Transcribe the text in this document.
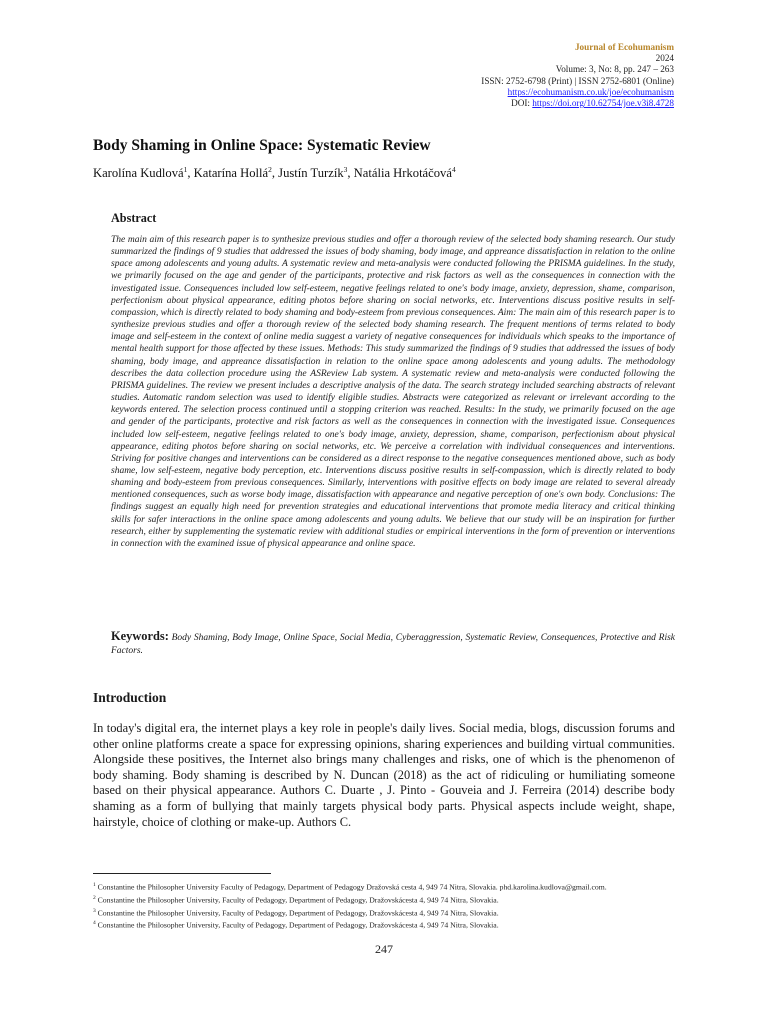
Journal of Ecohumanism
2024
Volume: 3, No: 8, pp. 247 – 263
ISSN: 2752-6798 (Print) | ISSN 2752-6801 (Online)
https://ecohumanism.co.uk/joe/ecohumanism
DOI: https://doi.org/10.62754/joe.v3i8.4728
Body Shaming in Online Space: Systematic Review
Karolína Kudlová$^1$, Katarína Hollá$^2$, Justín Turzík$^3$, Natália Hrkotáčová$^4$
Abstract
The main aim of this research paper is to synthesize previous studies and offer a thorough review of the selected body shaming research. Our study summarized the findings of 9 studies that addressed the issues of body shaming, body image, and appreance dissatisfaction in relation to the online space among adolescents and young adults. A systematic review and meta-analysis were conducted following the PRISMA guidelines. In the study, we primarily focused on the age and gender of the participants, protective and risk factors as well as the consequences in connection with the investigated issue. Consequences included low self-esteem, negative feelings related to one's body image, anxiety, depression, shame, comparison, perfectionism about physical appearance, editing photos before sharing on social networks, etc. Interventions discuss positive results in self-compassion, which is directly related to body shaming and body-esteem from previous consequences. Aim: The main aim of this research paper is to synthesize previous studies and offer a thorough review of the selected body shaming research. The frequent mentions of terms related to body image and self-esteem in the context of online media suggest a variety of negative consequences for individuals which speaks to the importance of mental health support for those affected by these issues. Methods: This study summarized the findings of 9 studies that addressed the issues of body shaming, body image, and appreance dissatisfaction in relation to the online space among adolescents and young adults. The methodology describes the data collection procedure using the ASReview Lab system. A systematic review and meta-analysis were conducted following the PRISMA guidelines. The review we present includes a descriptive analysis of the data. The search strategy included searching abstracts of relevant studies. Automatic random selection was used to identify eligible studies. Abstracts were categorized as relevant or irrelevant according to the keywords entered. The selection process continued until a stopping criterion was reached. Results: In the study, we primarily focused on the age and gender of the participants, protective and risk factors as well as the consequences in connection with the investigated issue. Consequences included low self-esteem, negative feelings related to one's body image, anxiety, depression, shame, comparison, perfectionism about physical appearance, editing photos before sharing on social networks, etc. We perceive a correlation with individual consequences and interventions. Striving for positive changes and interventions can be considered as a direct response to the negative consequences mentioned above, such as body shame, low self-esteem, negative body perception, etc. Interventions discuss positive results in self-compassion, which is directly related to body shaming and body-esteem from previous consequences. Similarly, interventions with positive effects on body image are related to several already mentioned consequences, such as worse body image, dissatisfaction with appearance and negative perception of one's own body. Conclusions: The findings suggest an equally high need for prevention strategies and educational interventions that promote media literacy and critical thinking skills for safer interactions in the online space among adolescents and young adults. We believe that our study will be an inspiration for further research, either by supplementing the systematic review with additional studies or empirical interventions in the form of prevention or interventions in connection with the examined issue of physical appearance and online space.
Keywords: Body Shaming, Body Image, Online Space, Social Media, Cyberaggression, Systematic Review, Consequences, Protective and Risk Factors.
Introduction
In today's digital era, the internet plays a key role in people's daily lives. Social media, blogs, discussion forums and other online platforms create a space for expressing opinions, sharing experiences and building virtual communities. Alongside these positives, the Internet also brings many challenges and risks, one of which is the phenomenon of body shaming. Body shaming is described by N. Duncan (2018) as the act of ridiculing or humiliating someone based on their physical appearance. Authors C. Duarte , J. Pinto - Gouveia and J. Ferreira (2014) describe body shaming as a form of bullying that mainly targets physical body parts. Physical aspects include weight, shape, hairstyle, choice of clothing or make-up. Authors C.

$^1$ Constantine the Philosopher University Faculty of Pedagogy, Department of Pedagogy Dražovská cesta 4, 949 74 Nitra, Slovakia. phd.karolina.kudlova@gmail.com.

$^2$ Constantine the Philosopher University, Faculty of Pedagogy, Department of Pedagogy, Dražovskácesta 4, 949 74 Nitra, Slovakia.

$^3$ Constantine the Philosopher University, Faculty of Pedagogy, Department of Pedagogy, Dražovskácesta 4, 949 74 Nitra, Slovakia.

$^4$ Constantine the Philosopher University, Faculty of Pedagogy, Department of Pedagogy, Dražovskácesta 4, 949 74 Nitra, Slovakia.

247
